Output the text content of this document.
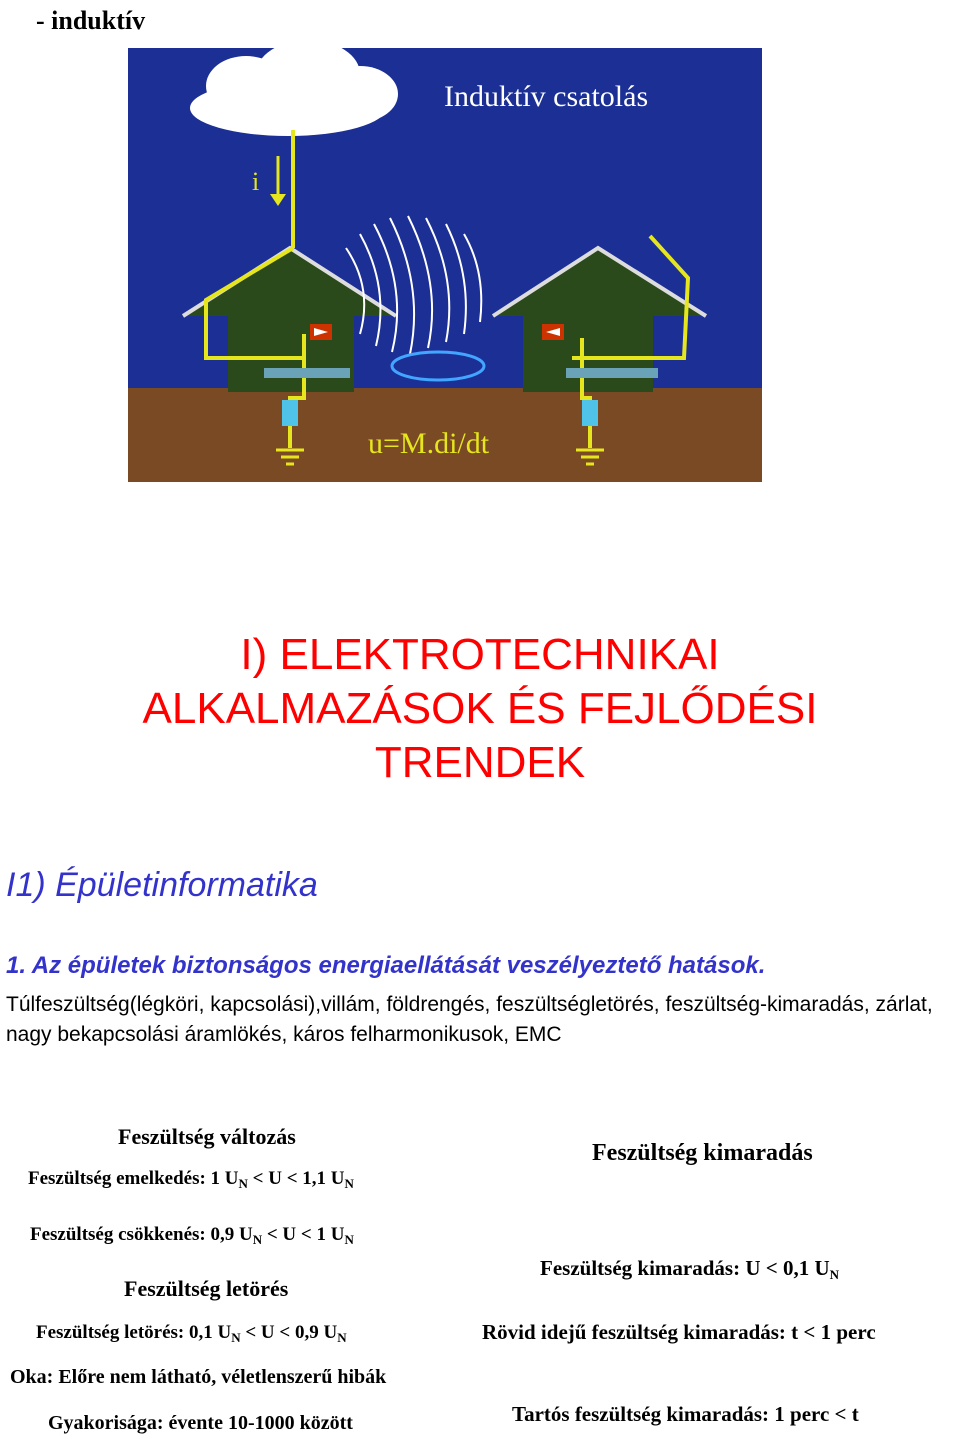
- induktív
Induktív csatolás
i
u=M.di/dt
I) ELEKTROTECHNIKAI
ALKALMAZÁSOK ÉS FEJLŐDÉSI
TRENDEK
I1) Épületinformatika
1. Az épületek biztonságos energiaellátását veszélyeztető hatások.
Túlfeszültség(légköri, kapcsolási),villám, földrengés, feszültségletörés, feszültség-kimaradás, zárlat, nagy bekapcsolási áramlökés, káros felharmonikusok, EMC
Feszültség változás
Feszültség emelkedés: 1 $U_N < U < 1,1$ $U_N$
Feszültség csökkenés: 0,9 $U_N < U < 1$ $U_N$
Feszültség letörés
Feszültség letörés: 0,1 $U_N < U < 0,9$ $U_N$
Oka: Előre nem látható, véletlenszerű hibák
Gyakorisága: évente 10-1000 között
Feszültség kimaradás
Feszültség kimaradás: U < 0,1 $U_N$
Rövid idejű feszültség kimaradás: t < 1 perc
Tartós feszültség kimaradás: 1 perc < t
